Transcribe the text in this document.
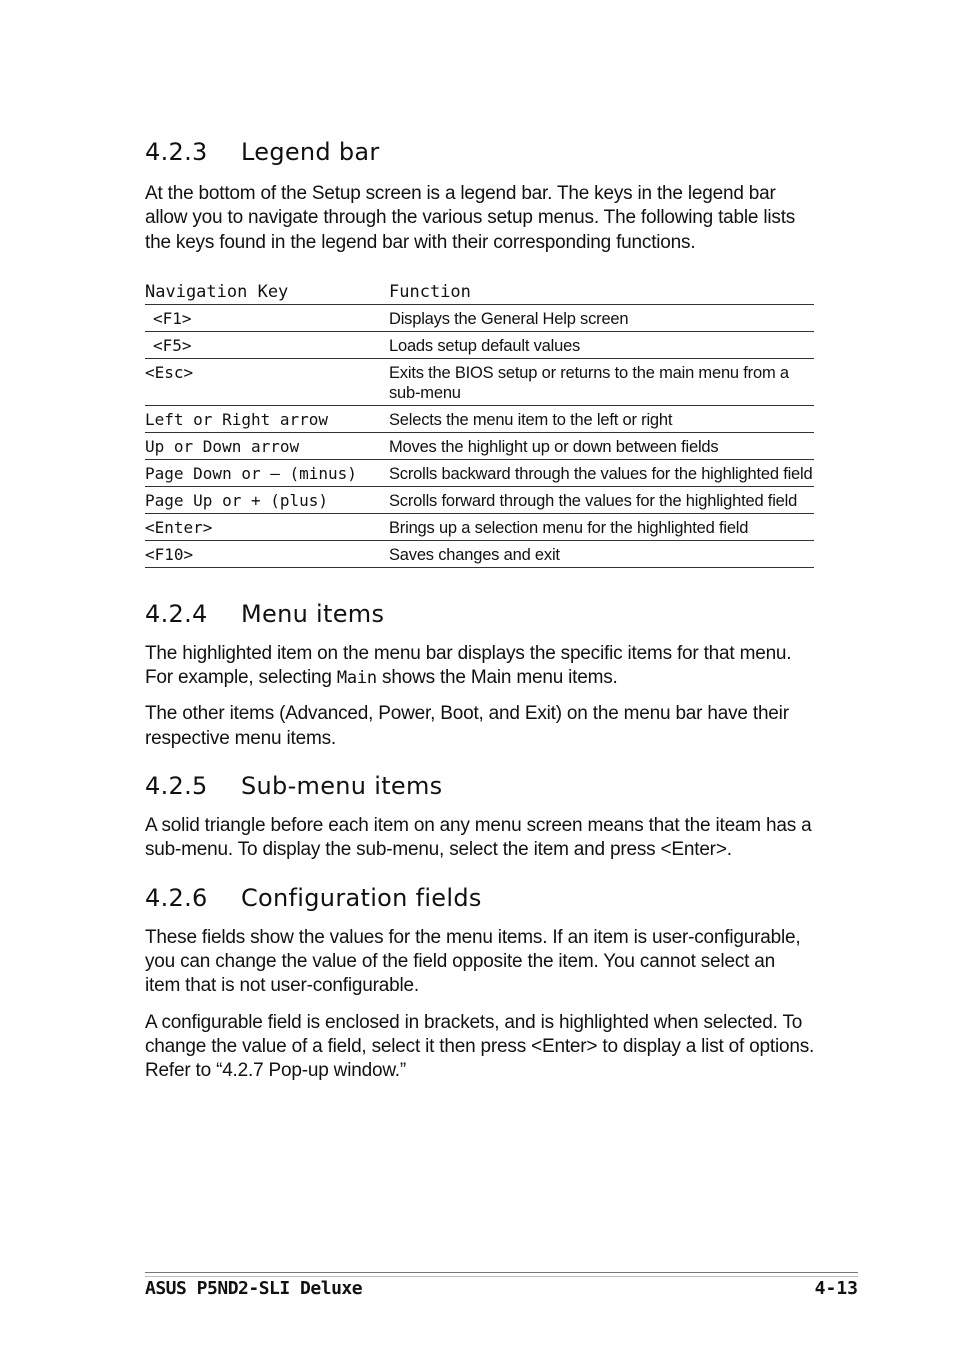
4.2.3 Legend bar

At the bottom of the Setup screen is a legend bar. The keys in the legend bar allow you to navigate through the various setup menus. The following table lists the keys found in the legend bar with their corresponding functions.

Navigation Key	Function
<F1>	Displays the General Help screen
<F5>	Loads setup default values
<Esc>	Exits the BIOS setup or returns to the main menu from a sub-menu
Left or Right arrow	Selects the menu item to the left or right
Up or Down arrow	Moves the highlight up or down between fields
Page Down or – (minus)	Scrolls backward through the values for the highlighted field
Page Up or + (plus)	Scrolls forward through the values for the highlighted field
<Enter>	Brings up a selection menu for the highlighted field
<F10>	Saves changes and exit
4.2.4 Menu items

The highlighted item on the menu bar displays the specific items for that menu. For example, selecting Main shows the Main menu items.

The other items (Advanced, Power, Boot, and Exit) on the menu bar have their respective menu items.

4.2.5 Sub-menu items

A solid triangle before each item on any menu screen means that the iteam has a sub-menu. To display the sub-menu, select the item and press <Enter>.

4.2.6 Configuration fields

These fields show the values for the menu items. If an item is user-configurable, you can change the value of the field opposite the item. You cannot select an item that is not user-configurable.

A configurable field is enclosed in brackets, and is highlighted when selected. To change the value of a field, select it then press <Enter> to display a list of options. Refer to “4.2.7 Pop-up window.”

ASUS P5ND2-SLI Deluxe	4-13
